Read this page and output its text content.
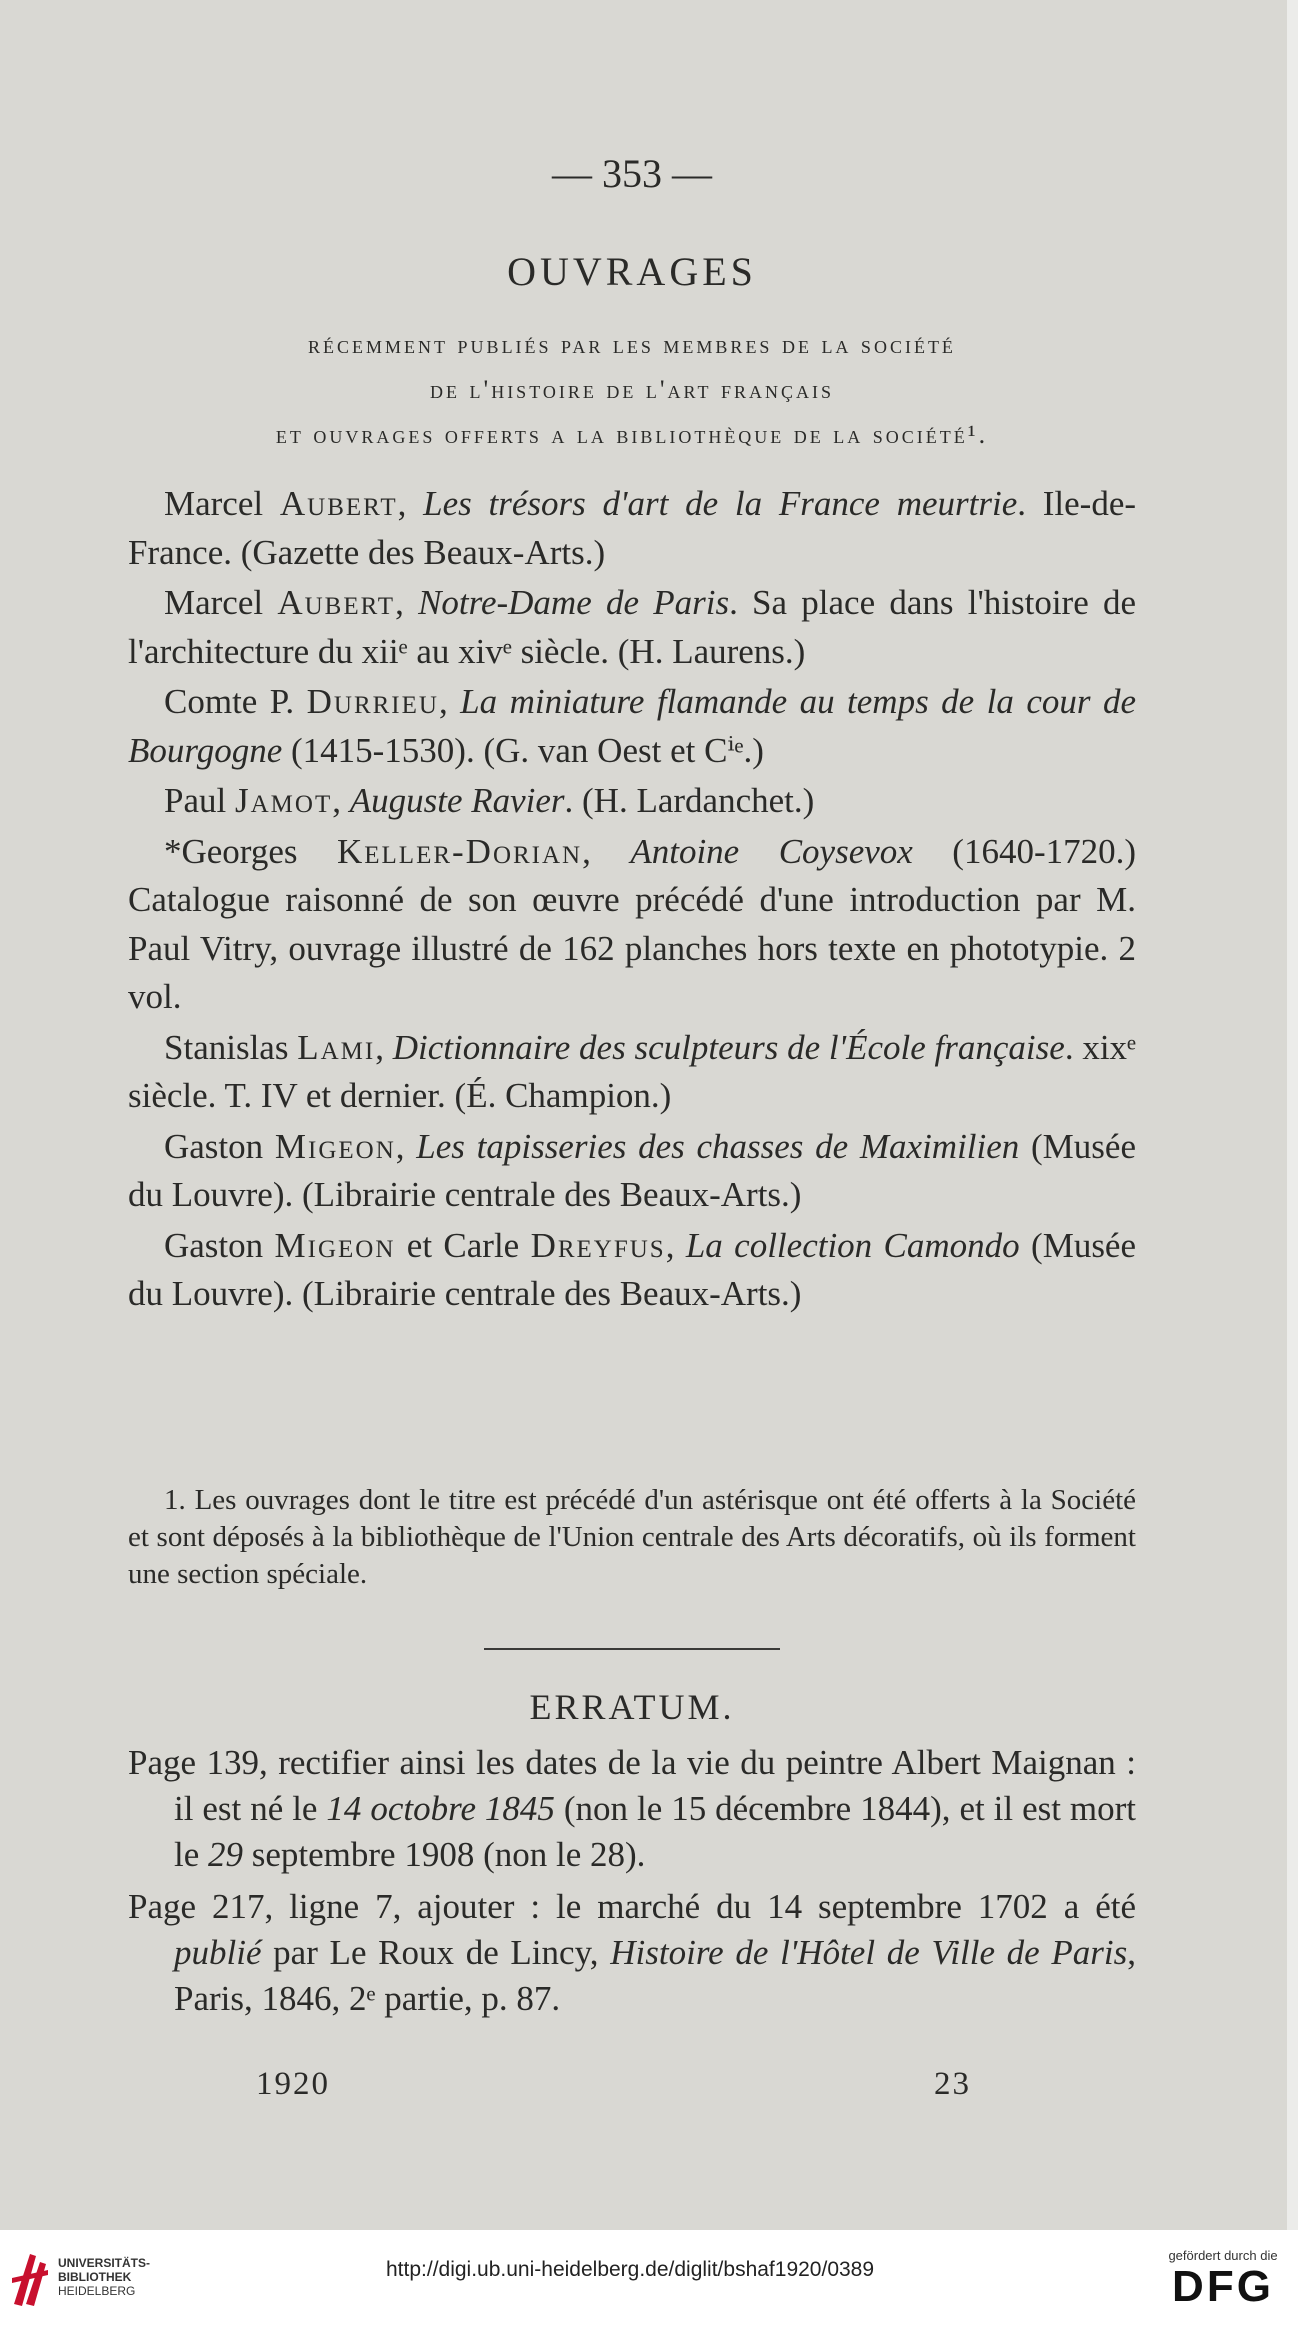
— 353 —
OUVRAGES
récemment publiés par les membres de la société
de l'histoire de l'art français
et ouvrages offerts a la bibliothèque de la société¹.
Marcel Aubert, Les trésors d'art de la France meurtrie. Ile-de-France. (Gazette des Beaux-Arts.)
Marcel Aubert, Notre-Dame de Paris. Sa place dans l'histoire de l'architecture du xiiᵉ au xivᵉ siècle. (H. Laurens.)
Comte P. Durrieu, La miniature flamande au temps de la cour de Bourgogne (1415-1530). (G. van Oest et Cⁱᵉ.)
Paul Jamot, Auguste Ravier. (H. Lardanchet.)
*Georges Keller-Dorian, Antoine Coysevox (1640-1720.) Catalogue raisonné de son œuvre précédé d'une introduction par M. Paul Vitry, ouvrage illustré de 162 planches hors texte en phototypie. 2 vol.
Stanislas Lami, Dictionnaire des sculpteurs de l'École française. xixᵉ siècle. T. IV et dernier. (É. Champion.)
Gaston Migeon, Les tapisseries des chasses de Maximilien (Musée du Louvre). (Librairie centrale des Beaux-Arts.)
Gaston Migeon et Carle Dreyfus, La collection Camondo (Musée du Louvre). (Librairie centrale des Beaux-Arts.)

1. Les ouvrages dont le titre est précédé d'un astérisque ont été offerts à la Société et sont déposés à la bibliothèque de l'Union centrale des Arts décoratifs, où ils forment une section spéciale.

ERRATUM.

Page 139, rectifier ainsi les dates de la vie du peintre Albert Maignan : il est né le 14 octobre 1845 (non le 15 décembre 1844), et il est mort le 29 septembre 1908 (non le 28).

Page 217, ligne 7, ajouter : le marché du 14 septembre 1702 a été publié par Le Roux de Lincy, Histoire de l'Hôtel de Ville de Paris, Paris, 1846, 2ᵉ partie, p. 87.

1920	23
UNIVERSITÄTS-
BIBLIOTHEK
HEIDELBERG
http://digi.ub.uni-heidelberg.de/diglit/bshaf1920/0389
gefördert durch die
DFG
